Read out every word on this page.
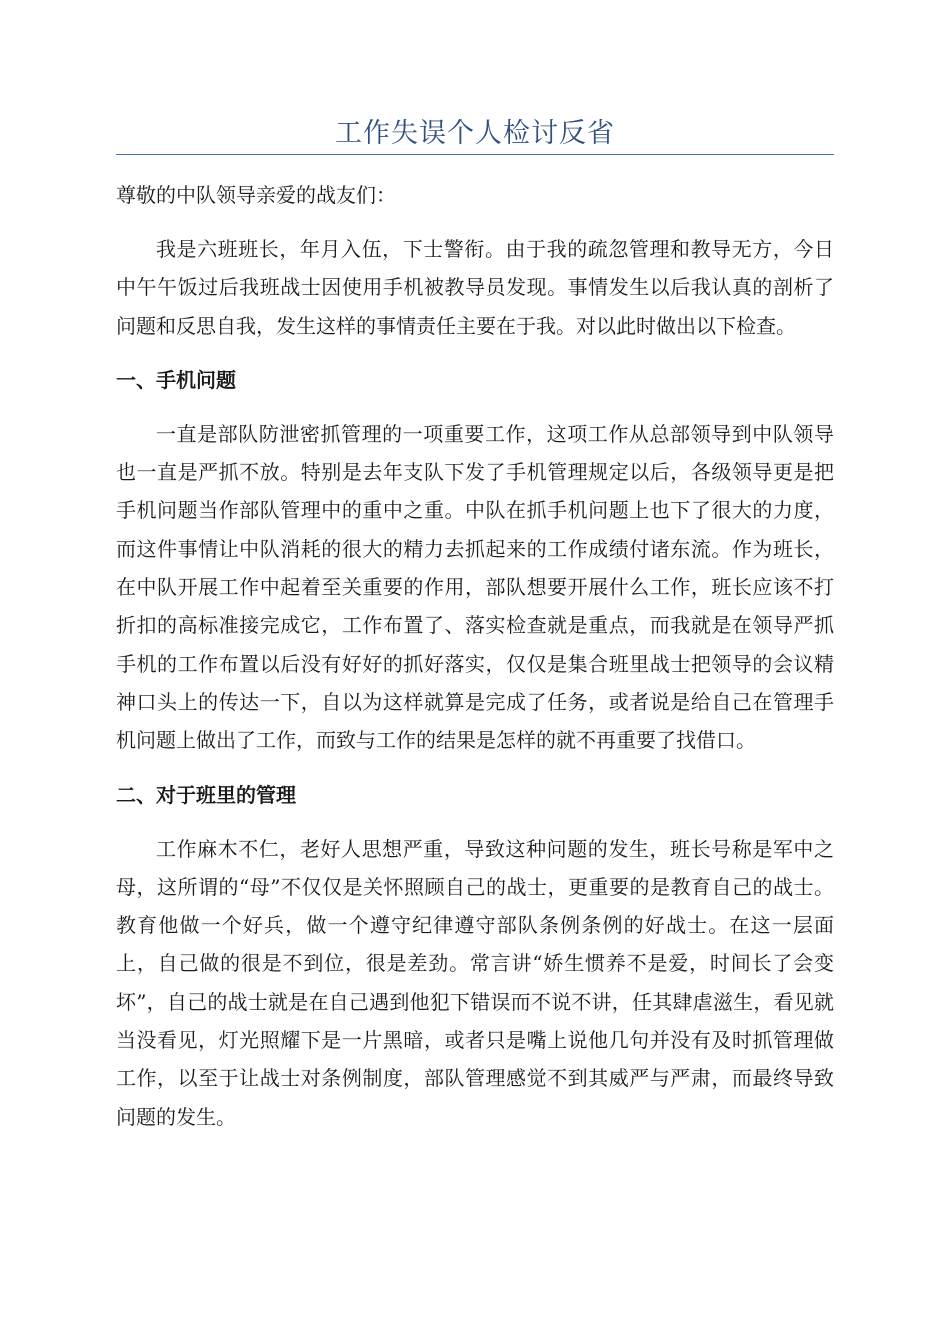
工作失误个人检讨反省

尊敬的中队领导亲爱的战友们：

我是六班班长，年月入伍，下士警衔。由于我的疏忽管理和教导无方，今日中午午饭过后我班战士因使用手机被教导员发现。事情发生以后我认真的剖析了问题和反思自我，发生这样的事情责任主要在于我。对以此时做出以下检查。

一、手机问题

一直是部队防泄密抓管理的一项重要工作，这项工作从总部领导到中队领导也一直是严抓不放。特别是去年支队下发了手机管理规定以后，各级领导更是把手机问题当作部队管理中的重中之重。中队在抓手机问题上也下了很大的力度，而这件事情让中队消耗的很大的精力去抓起来的工作成绩付诸东流。作为班长，在中队开展工作中起着至关重要的作用，部队想要开展什么工作，班长应该不打折扣的高标准接完成它，工作布置了、落实检查就是重点，而我就是在领导严抓手机的工作布置以后没有好好的抓好落实，仅仅是集合班里战士把领导的会议精神口头上的传达一下，自以为这样就算是完成了任务，或者说是给自己在管理手机问题上做出了工作，而致与工作的结果是怎样的就不再重要了找借口。

二、对于班里的管理

工作麻木不仁，老好人思想严重，导致这种问题的发生，班长号称是军中之母，这所谓的“母”不仅仅是关怀照顾自己的战士，更重要的是教育自己的战士。教育他做一个好兵，做一个遵守纪律遵守部队条例条例的好战士。在这一层面上，自己做的很是不到位，很是差劲。常言讲“娇生惯养不是爱，时间长了会变坏”，自己的战士就是在自己遇到他犯下错误而不说不讲，任其肆虐滋生，看见就当没看见，灯光照耀下是一片黑暗，或者只是嘴上说他几句并没有及时抓管理做工作，以至于让战士对条例制度，部队管理感觉不到其威严与严肃，而最终导致问题的发生。
